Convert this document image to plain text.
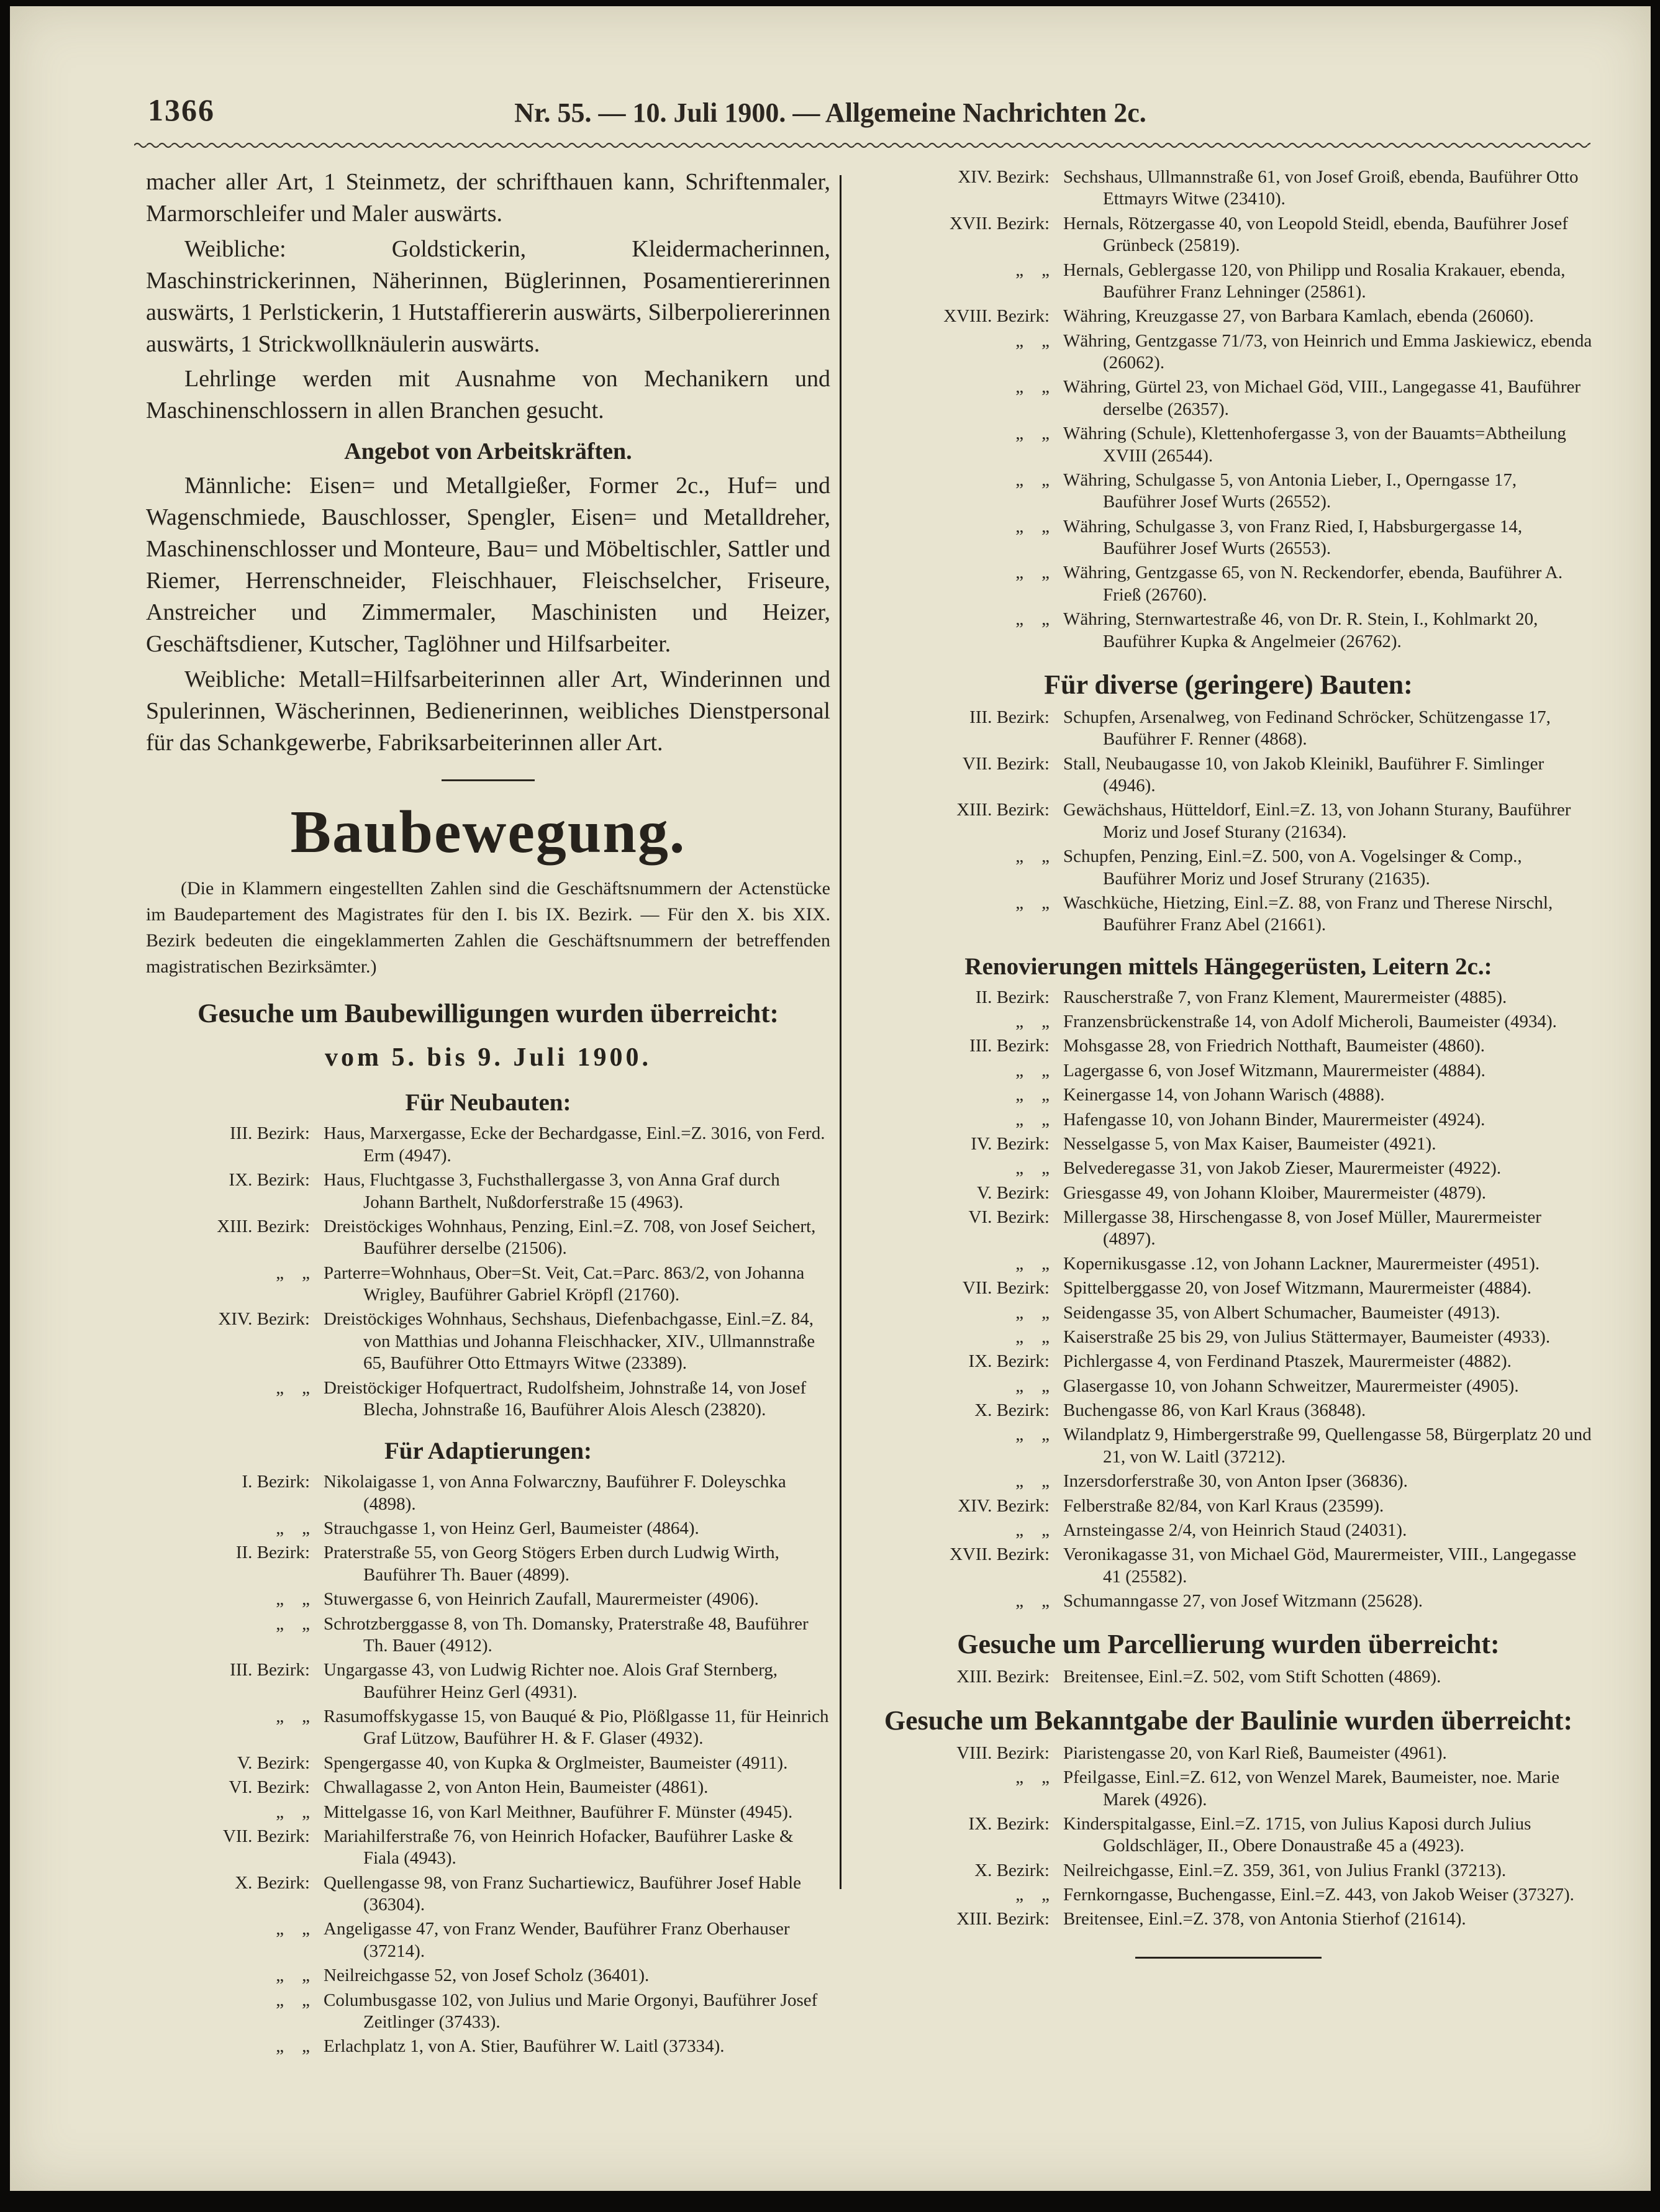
1366	Nr. 55. — 10. Juli 1900. — Allgemeine Nachrichten 2c.

macher aller Art, 1 Steinmetz, der schrifthauen kann, Schriftenmaler, Marmorschleifer und Maler auswärts.

Weibliche: Goldstickerin, Kleidermacherinnen, Maschinstrickerinnen, Näherinnen, Büglerinnen, Posamentiererinnen auswärts, 1 Perlstickerin, 1 Hutstaffiererin auswärts, Silberpoliererinnen auswärts, 1 Strickwollknäulerin auswärts.

Lehrlinge werden mit Ausnahme von Mechanikern und Maschinenschlossern in allen Branchen gesucht.

Angebot von Arbeitskräften.

Männliche: Eisen= und Metallgießer, Former 2c., Huf= und Wagenschmiede, Bauschlosser, Spengler, Eisen= und Metalldreher, Maschinenschlosser und Monteure, Bau= und Möbeltischler, Sattler und Riemer, Herrenschneider, Fleischhauer, Fleischselcher, Friseure, Anstreicher und Zimmermaler, Maschinisten und Heizer, Geschäftsdiener, Kutscher, Taglöhner und Hilfsarbeiter.

Weibliche: Metall=Hilfsarbeiterinnen aller Art, Winderinnen und Spulerinnen, Wäscherinnen, Bedienerinnen, weibliches Dienstpersonal für das Schankgewerbe, Fabriksarbeiterinnen aller Art.

Baubewegung.

(Die in Klammern eingestellten Zahlen sind die Geschäftsnummern der Actenstücke im Baudepartement des Magistrates für den I. bis IX. Bezirk. — Für den X. bis XIX. Bezirk bedeuten die eingeklammerten Zahlen die Geschäftsnummern der betreffenden magistratischen Bezirksämter.)

Gesuche um Baubewilligungen wurden überreicht:
vom 5. bis 9. Juli 1900.
Für Neubauten:
III. Bezirk: Haus, Marxergasse, Ecke der Bechardgasse, Einl.=Z. 3016, von Ferd. Erm (4947).
IX. Bezirk: Haus, Fluchtgasse 3, Fuchsthallergasse 3, von Anna Graf durch Johann Barthelt, Nußdorferstraße 15 (4963).
XIII. Bezirk: Dreistöckiges Wohnhaus, Penzing, Einl.=Z. 708, von Josef Seichert, Bauführer derselbe (21506).
„ „ Parterre=Wohnhaus, Ober=St. Veit, Cat.=Parc. 863/2, von Johanna Wrigley, Bauführer Gabriel Kröpfl (21760).
XIV. Bezirk: Dreistöckiges Wohnhaus, Sechshaus, Diefenbachgasse, Einl.=Z. 84, von Matthias und Johanna Fleischhacker, XIV., Ullmannstraße 65, Bauführer Otto Ettmayrs Witwe (23389).
„ „ Dreistöckiger Hofquertract, Rudolfsheim, Johnstraße 14, von Josef Blecha, Johnstraße 16, Bauführer Alois Alesch (23820).
Für Adaptierungen:
I. Bezirk: Nikolaigasse 1, von Anna Folwarczny, Bauführer F. Doleyschka (4898).
„ „ Strauchgasse 1, von Heinz Gerl, Baumeister (4864).
II. Bezirk: Praterstraße 55, von Georg Stögers Erben durch Ludwig Wirth, Bauführer Th. Bauer (4899).
„ „ Stuwergasse 6, von Heinrich Zaufall, Maurermeister (4906).
„ „ Schrotzberggasse 8, von Th. Domansky, Praterstraße 48, Bauführer Th. Bauer (4912).
III. Bezirk: Ungargasse 43, von Ludwig Richter noe. Alois Graf Sternberg, Bauführer Heinz Gerl (4931).
„ „ Rasumoffskygasse 15, von Bauqué & Pio, Plößlgasse 11, für Heinrich Graf Lützow, Bauführer H. & F. Glaser (4932).
V. Bezirk: Spengergasse 40, von Kupka & Orglmeister, Baumeister (4911).
VI. Bezirk: Chwallagasse 2, von Anton Hein, Baumeister (4861).
„ „ Mittelgasse 16, von Karl Meithner, Bauführer F. Münster (4945).
VII. Bezirk: Mariahilferstraße 76, von Heinrich Hofacker, Bauführer Laske & Fiala (4943).
X. Bezirk: Quellengasse 98, von Franz Suchartiewicz, Bauführer Josef Hable (36304).
„ „ Angeligasse 47, von Franz Wender, Bauführer Franz Oberhauser (37214).
„ „ Neilreichgasse 52, von Josef Scholz (36401).
„ „ Columbusgasse 102, von Julius und Marie Orgonyi, Bauführer Josef Zeitlinger (37433).
„ „ Erlachplatz 1, von A. Stier, Bauführer W. Laitl (37334).
XIV. Bezirk: Sechshaus, Ullmannstraße 61, von Josef Groiß, ebenda, Bauführer Otto Ettmayrs Witwe (23410).
XVII. Bezirk: Hernals, Rötzergasse 40, von Leopold Steidl, ebenda, Bauführer Josef Grünbeck (25819).
„ „ Hernals, Geblergasse 120, von Philipp und Rosalia Krakauer, ebenda, Bauführer Franz Lehninger (25861).
XVIII. Bezirk: Währing, Kreuzgasse 27, von Barbara Kamlach, ebenda (26060).
„ „ Währing, Gentzgasse 71/73, von Heinrich und Emma Jaskiewicz, ebenda (26062).
„ „ Währing, Gürtel 23, von Michael Göd, VIII., Langegasse 41, Bauführer derselbe (26357).
„ „ Währing (Schule), Klettenhofergasse 3, von der Bauamts=Abtheilung XVIII (26544).
„ „ Währing, Schulgasse 5, von Antonia Lieber, I., Operngasse 17, Bauführer Josef Wurts (26552).
„ „ Währing, Schulgasse 3, von Franz Ried, I, Habsburgergasse 14, Bauführer Josef Wurts (26553).
„ „ Währing, Gentzgasse 65, von N. Reckendorfer, ebenda, Bauführer A. Frieß (26760).
„ „ Währing, Sternwartestraße 46, von Dr. R. Stein, I., Kohlmarkt 20, Bauführer Kupka & Angelmeier (26762).
Für diverse (geringere) Bauten:
III. Bezirk: Schupfen, Arsenalweg, von Fedinand Schröcker, Schützengasse 17, Bauführer F. Renner (4868).
VII. Bezirk: Stall, Neubaugasse 10, von Jakob Kleinikl, Bauführer F. Simlinger (4946).
XIII. Bezirk: Gewächshaus, Hütteldorf, Einl.=Z. 13, von Johann Sturany, Bauführer Moriz und Josef Sturany (21634).
„ „ Schupfen, Penzing, Einl.=Z. 500, von A. Vogelsinger & Comp., Bauführer Moriz und Josef Strurany (21635).
„ „ Waschküche, Hietzing, Einl.=Z. 88, von Franz und Therese Nirschl, Bauführer Franz Abel (21661).
Renovierungen mittels Hängegerüsten, Leitern 2c.:
II. Bezirk: Rauscherstraße 7, von Franz Klement, Maurermeister (4885).
„ „ Franzensbrückenstraße 14, von Adolf Micheroli, Baumeister (4934).
III. Bezirk: Mohsgasse 28, von Friedrich Notthaft, Baumeister (4860).
„ „ Lagergasse 6, von Josef Witzmann, Maurermeister (4884).
„ „ Keinergasse 14, von Johann Warisch (4888).
„ „ Hafengasse 10, von Johann Binder, Maurermeister (4924).
IV. Bezirk: Nesselgasse 5, von Max Kaiser, Baumeister (4921).
„ „ Belvederegasse 31, von Jakob Zieser, Maurermeister (4922).
V. Bezirk: Griesgasse 49, von Johann Kloiber, Maurermeister (4879).
VI. Bezirk: Millergasse 38, Hirschengasse 8, von Josef Müller, Maurermeister (4897).
„ „ Kopernikusgasse .12, von Johann Lackner, Maurermeister (4951).
VII. Bezirk: Spittelberggasse 20, von Josef Witzmann, Maurermeister (4884).
„ „ Seidengasse 35, von Albert Schumacher, Baumeister (4913).
„ „ Kaiserstraße 25 bis 29, von Julius Stättermayer, Baumeister (4933).
IX. Bezirk: Pichlergasse 4, von Ferdinand Ptaszek, Maurermeister (4882).
„ „ Glasergasse 10, von Johann Schweitzer, Maurermeister (4905).
X. Bezirk: Buchengasse 86, von Karl Kraus (36848).
„ „ Wilandplatz 9, Himbergerstraße 99, Quellengasse 58, Bürgerplatz 20 und 21, von W. Laitl (37212).
„ „ Inzersdorferstraße 30, von Anton Ipser (36836).
XIV. Bezirk: Felberstraße 82/84, von Karl Kraus (23599).
„ „ Arnsteingasse 2/4, von Heinrich Staud (24031).
XVII. Bezirk: Veronikagasse 31, von Michael Göd, Maurermeister, VIII., Langegasse 41 (25582).
„ „ Schumanngasse 27, von Josef Witzmann (25628).
Gesuche um Parcellierung wurden überreicht:
XIII. Bezirk: Breitensee, Einl.=Z. 502, vom Stift Schotten (4869).
Gesuche um Bekanntgabe der Baulinie wurden überreicht:
VIII. Bezirk: Piaristengasse 20, von Karl Rieß, Baumeister (4961).
„ „ Pfeilgasse, Einl.=Z. 612, von Wenzel Marek, Baumeister, noe. Marie Marek (4926).
IX. Bezirk: Kinderspitalgasse, Einl.=Z. 1715, von Julius Kaposi durch Julius Goldschläger, II., Obere Donaustraße 45 a (4923).
X. Bezirk: Neilreichgasse, Einl.=Z. 359, 361, von Julius Frankl (37213).
„ „ Fernkorngasse, Buchengasse, Einl.=Z. 443, von Jakob Weiser (37327).
XIII. Bezirk: Breitensee, Einl.=Z. 378, von Antonia Stierhof (21614).
